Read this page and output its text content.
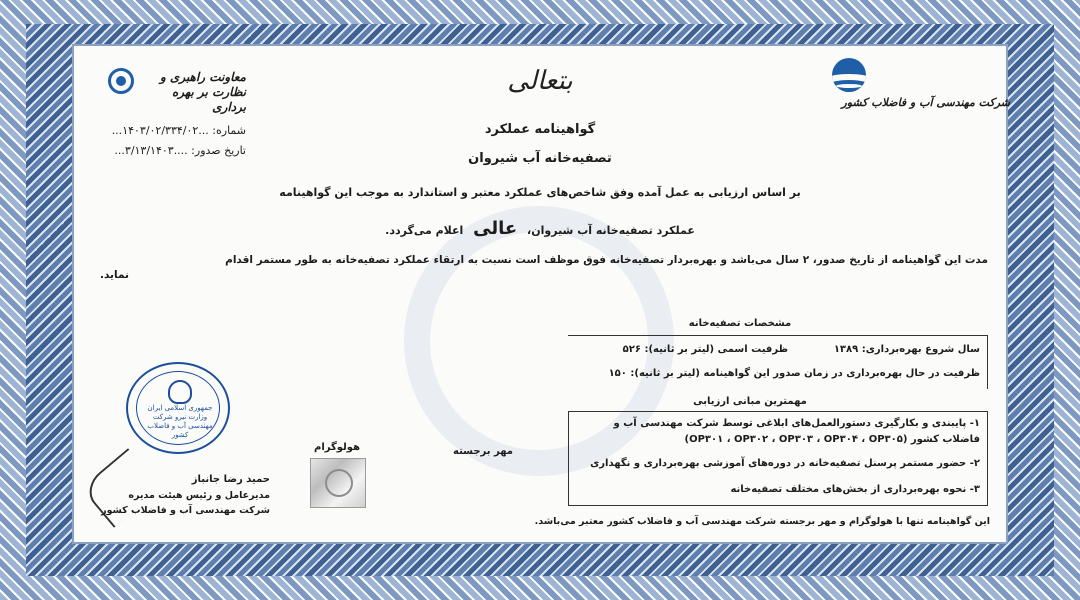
بتعالی
شرکت مهندسی آب و فاضلاب کشور
معاونت راهبری و نظارت بر بهره برداری
شماره: ...۱۴۰۳/۰۲/۳۳۴/۰۲...
تاریخ صدور: ....۳/۱۳/۱۴۰۳...
گواهینامه عملکرد
تصفیه‌خانه آب شیروان
بر اساس ارزیابی به عمل آمده وفق شاخص‌های عملکرد معتبر و استاندارد به موجب این گواهینامه
عملکرد تصفیه‌خانه آب شیروان، عالی اعلام می‌گردد.
مدت این گواهینامه از تاریخ صدور، ۲ سال می‌باشد و بهره‌بردار تصفیه‌خانه فوق موظف است نسبت به ارتقاء عملکرد تصفیه‌خانه به طور مستمر اقدام
نماید.
مشخصات تصفیه‌خانه
سال شروع بهره‌برداری: ۱۳۸۹
ظرفیت اسمی (لیتر بر ثانیه): ۵۲۶
ظرفیت در حال بهره‌برداری در زمان صدور این گواهینامه (لیتر بر ثانیه): ۱۵۰
مهمترین مبانی ارزیابی
۱- پایبندی و بکارگیری دستورالعمل‌های ابلاغی توسط شرکت مهندسی آب و
فاضلاب کشور (OP۳۰۱ ، OP۳۰۲ ، OP۳۰۳ ، OP۳۰۴ ، OP۳۰۵)
۲- حضور مستمر پرسنل تصفیه‌خانه در دوره‌های آموزشی بهره‌برداری و نگهداری
۳- نحوه بهره‌برداری از بخش‌های مختلف تصفیه‌خانه
مهر برجسته
هولوگرام
جمهوری اسلامی ایران وزارت نیرو شرکت مهندسی آب و فاضلاب کشور
حمید رضا جانباز
مدیرعامل و رئیس هیئت مدیره
شرکت مهندسی آب و فاضلاب کشور
این گواهینامه تنها با هولوگرام و مهر برجسته شرکت مهندسی آب و فاضلاب کشور معتبر می‌باشد.
